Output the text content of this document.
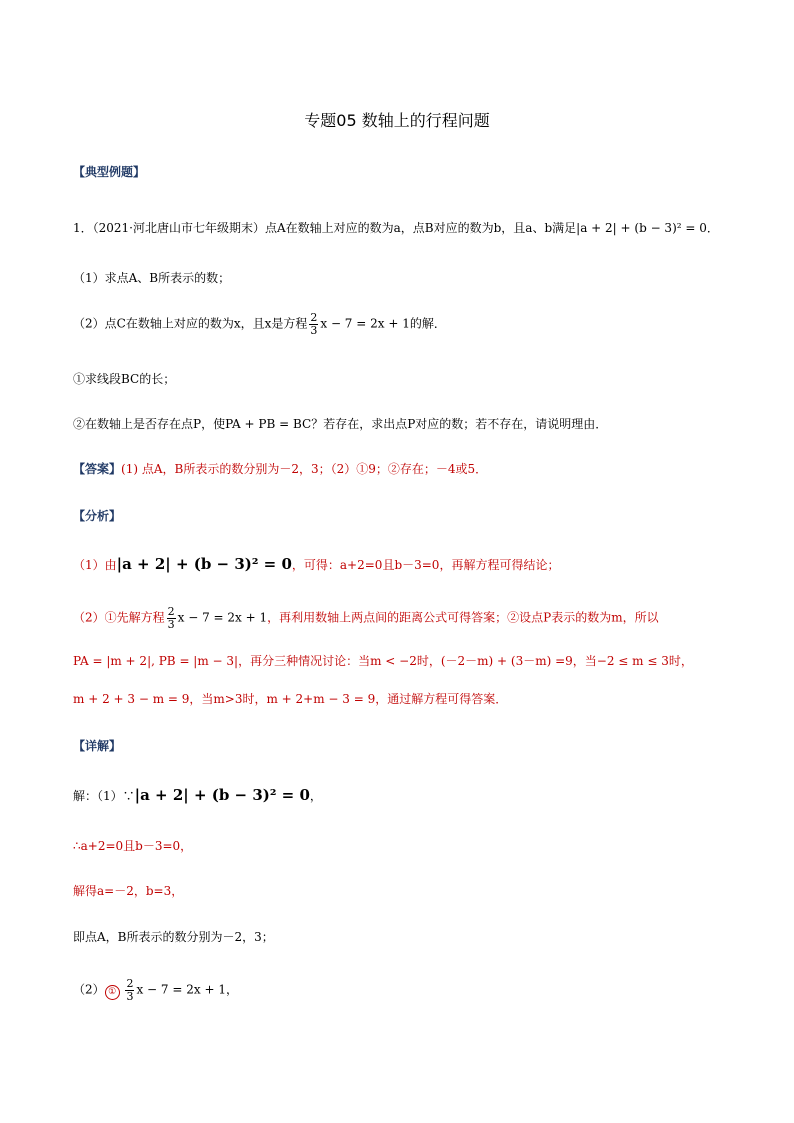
专题05 数轴上的行程问题
【典型例题】
1．（2021·河北唐山市七年级期末）点A在数轴上对应的数为a，点B对应的数为b，且a、b满足|a + 2| + (b − 3)² = 0．
（1）求点A、B所表示的数；
（2）点C在数轴上对应的数为x，且x是方程 $\frac{2}{3}$ x − 7 = 2x + 1的解．
①求线段BC的长；
②在数轴上是否存在点P，使PA + PB = BC？若存在，求出点P对应的数；若不存在，请说明理由．
【答案】(1) 点A，B所表示的数分别为－2，3；（2）①9；②存在；－4或5．
【分析】
（1）由|a + 2| + (b − 3)² = 0，可得：a+2=0且b－3=0，再解方程可得结论；
（2）①先解方程 $\frac{2}{3}$ x − 7 = 2x + 1，再利用数轴上两点间的距离公式可得答案；②设点P表示的数为m，所以
PA = |m + 2|, PB = |m − 3|，再分三种情况讨论：当m < −2时，(－2－m) + (3－m) =9，当−2 ≤ m ≤ 3时，
m + 2 + 3 − m = 9，当m>3时，m + 2+m − 3 = 9，通过解方程可得答案．
【详解】
解：（1）∵|a + 2| + (b − 3)² = 0，
∴a+2=0且b－3=0，
解得a=－2，b=3，
即点A，B所表示的数分别为－2，3；
（2） ① $\frac{2}{3}$ x − 7 = 2x + 1，
